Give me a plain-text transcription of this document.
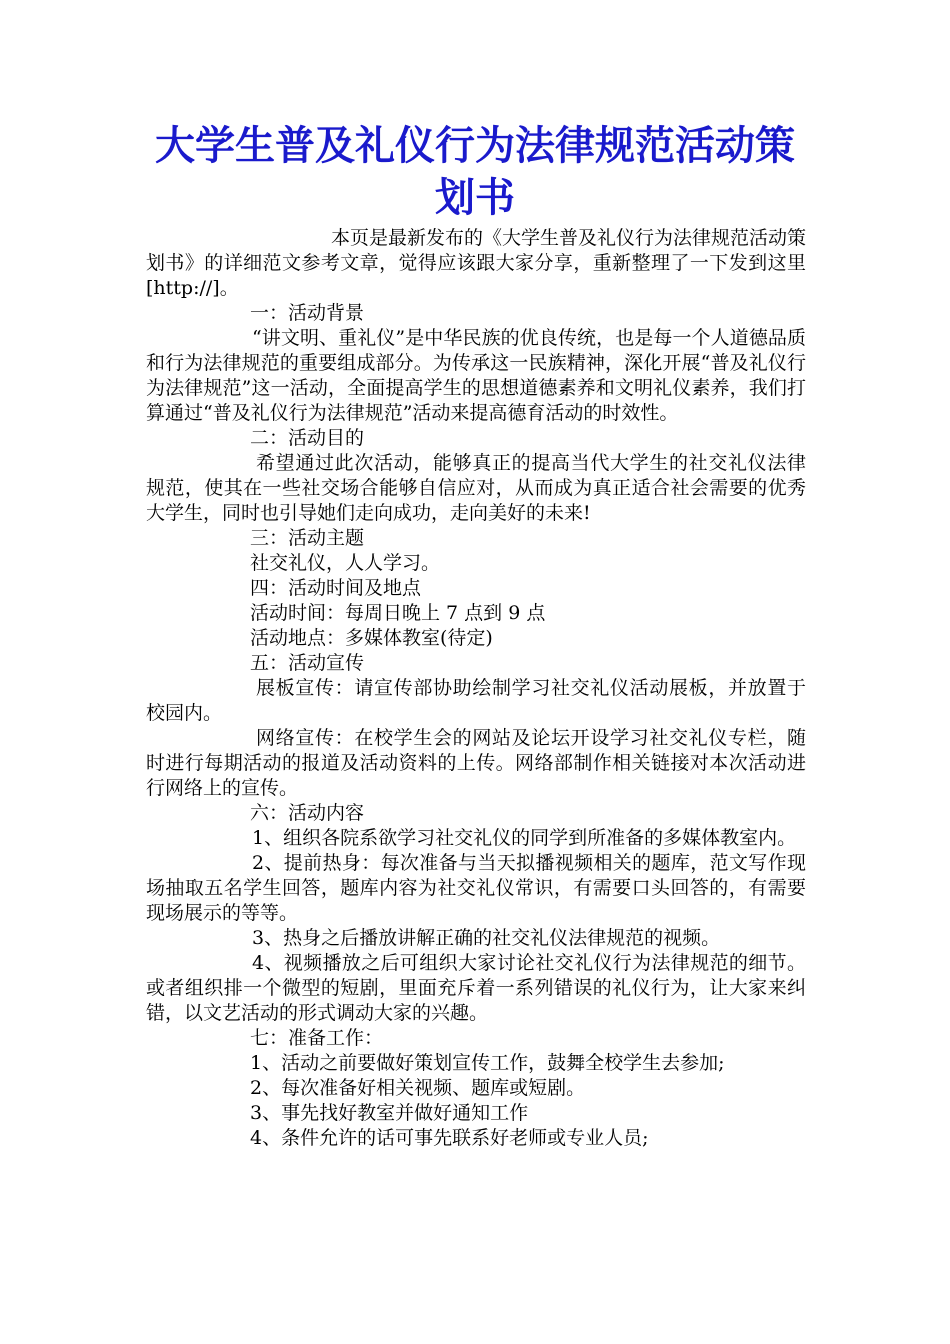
大学生普及礼仪行为法律规范活动策划书

本页是最新发布的《大学生普及礼仪行为法律规范活动策划书》的详细范文参考文章，觉得应该跟大家分享，重新整理了一下发到这里[http://]。

一：活动背景

“讲文明、重礼仪”是中华民族的优良传统，也是每一个人道德品质和行为法律规范的重要组成部分。为传承这一民族精神，深化开展“普及礼仪行为法律规范”这一活动，全面提高学生的思想道德素养和文明礼仪素养，我们打算通过“普及礼仪行为法律规范”活动来提高德育活动的时效性。

二：活动目的

希望通过此次活动，能够真正的提高当代大学生的社交礼仪法律规范，使其在一些社交场合能够自信应对，从而成为真正适合社会需要的优秀大学生，同时也引导她们走向成功，走向美好的未来!

三：活动主题

社交礼仪，人人学习。

四：活动时间及地点

活动时间：每周日晚上 7 点到 9 点

活动地点：多媒体教室(待定)

五：活动宣传

展板宣传：请宣传部协助绘制学习社交礼仪活动展板，并放置于校园内。

网络宣传：在校学生会的网站及论坛开设学习社交礼仪专栏，随时进行每期活动的报道及活动资料的上传。网络部制作相关链接对本次活动进行网络上的宣传。

六：活动内容

1、组织各院系欲学习社交礼仪的同学到所准备的多媒体教室内。

2、提前热身：每次准备与当天拟播视频相关的题库，范文写作现场抽取五名学生回答，题库内容为社交礼仪常识，有需要口头回答的，有需要现场展示的等等。

3、热身之后播放讲解正确的社交礼仪法律规范的视频。

4、视频播放之后可组织大家讨论社交礼仪行为法律规范的细节。或者组织排一个微型的短剧，里面充斥着一系列错误的礼仪行为，让大家来纠错，以文艺活动的形式调动大家的兴趣。

七：准备工作：

1、活动之前要做好策划宣传工作，鼓舞全校学生去参加;

2、每次准备好相关视频、题库或短剧。

3、事先找好教室并做好通知工作

4、条件允许的话可事先联系好老师或专业人员;
